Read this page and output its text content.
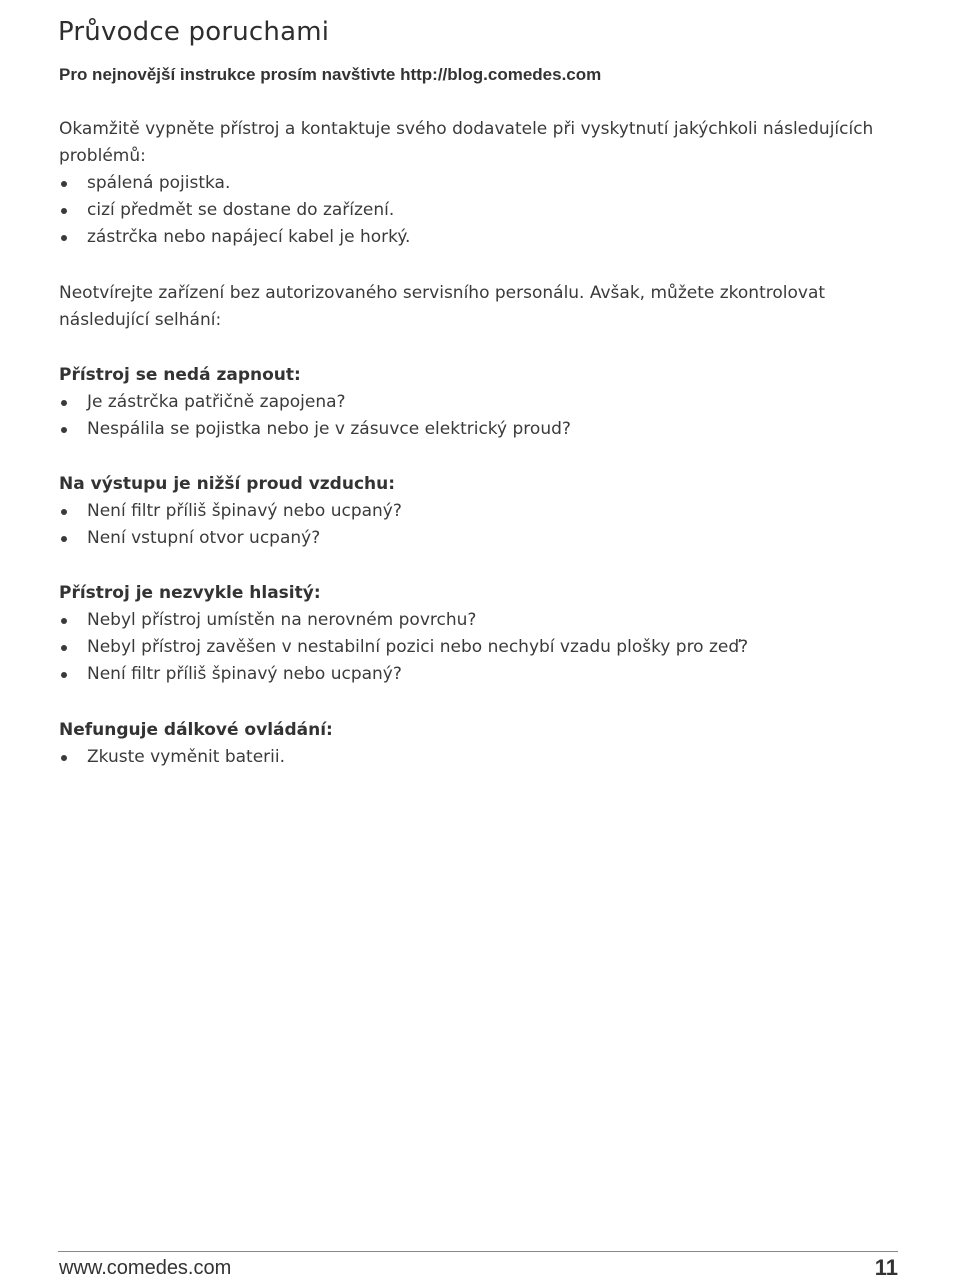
Průvodce poruchami
Pro nejnovější instrukce prosím navštivte http://blog.comedes.com
Okamžitě vypněte přístroj a kontaktuje svého dodavatele při vyskytnutí jakýchkoli následujících problémů:
spálená pojistka.
cizí předmět se dostane do zařízení.
zástrčka nebo napájecí kabel je horký.
Neotvírejte zařízení bez autorizovaného servisního personálu. Avšak, můžete zkontrolovat následující selhání:
Přístroj se nedá zapnout:
Je zástrčka patřičně zapojena?
Nespálila se pojistka nebo je v zásuvce elektrický proud?
Na výstupu je nižší proud vzduchu:
Není filtr příliš špinavý nebo ucpaný?
Není vstupní otvor ucpaný?
Přístroj je nezvykle hlasitý:
Nebyl přístroj umístěn na nerovném povrchu?
Nebyl přístroj zavěšen v nestabilní pozici nebo nechybí vzadu plošky pro zeď?
Není filtr příliš špinavý nebo ucpaný?
Nefunguje dálkové ovládání:
Zkuste vyměnit baterii.
www.comedes.com	11
